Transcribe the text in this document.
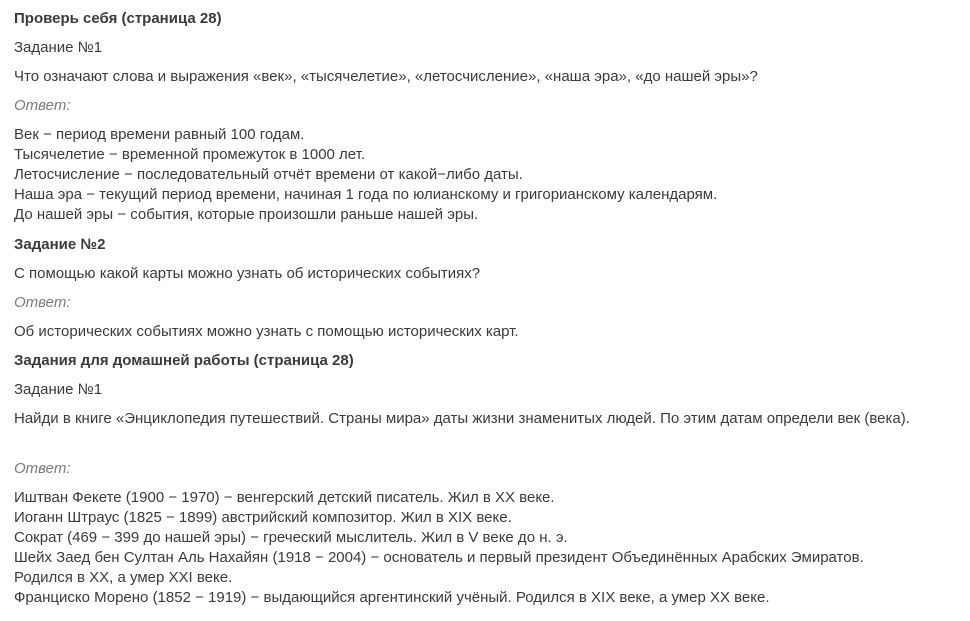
Проверь себя (страница 28)
Задание №1
Что означают слова и выражения «век», «тысячелетие», «летосчисление», «наша эра», «до нашей эры»?
Ответ:
Век − период времени равный 100 годам.
Тысячелетие − временной промежуток в 1000 лет.
Летосчисление − последовательный отчёт времени от какой−либо даты.
Наша эра − текущий период времени, начиная 1 года по юлианскому и григорианскому календарям.
До нашей эры − события, которые произошли раньше нашей эры.
Задание №2
С помощью какой карты можно узнать об исторических событиях?
Ответ:
Об исторических событиях можно узнать с помощью исторических карт.
Задания для домашней работы (страница 28)
Задание №1
Найди в книге «Энциклопедия путешествий. Страны мира» даты жизни знаменитых людей. По этим датам определи век (века).
Ответ:
Иштван Фекете (1900 − 1970) − венгерский детский писатель. Жил в XX веке.
Иоганн Штраус (1825 − 1899) австрийский композитор. Жил в XIX веке.
Сократ (469 − 399 до нашей эры) − греческий мыслитель. Жил в V веке до н. э.
Шейх Заед бен Султан Аль Нахайян (1918 − 2004) − основатель и первый президент Объединённых Арабских Эмиратов.
Родился в XX, а умер XXI веке.
Франциско Морено (1852 − 1919) − выдающийся аргентинский учёный. Родился в XIX веке, а умер XX веке.
